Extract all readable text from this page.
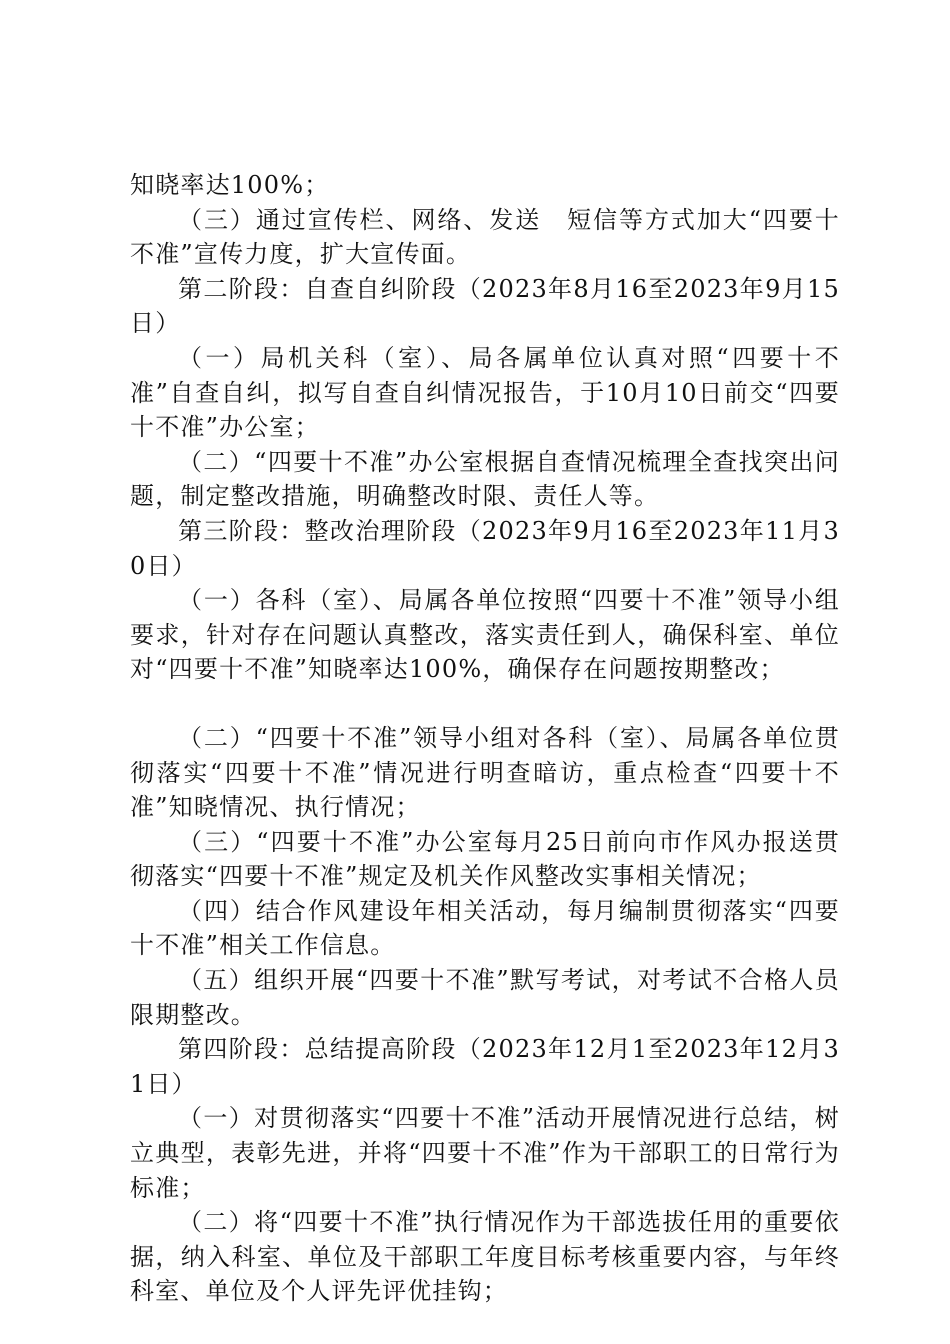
知晓率达100%；

（三）通过宣传栏、网络、发送　短信等方式加大“四要十不准”宣传力度，扩大宣传面。

第二阶段：自查自纠阶段（2023年8月16至2023年9月15日）

（一）局机关科（室）、局各属单位认真对照“四要十不准”自查自纠，拟写自查自纠情况报告，于10月10日前交“四要十不准”办公室；

（二）“四要十不准”办公室根据自查情况梳理全查找突出问题，制定整改措施，明确整改时限、责任人等。

第三阶段：整改治理阶段（2023年9月16至2023年11月30日）

（一）各科（室）、局属各单位按照“四要十不准”领导小组要求，针对存在问题认真整改，落实责任到人，确保科室、单位对“四要十不准”知晓率达100%，确保存在问题按期整改；

（二）“四要十不准”领导小组对各科（室）、局属各单位贯彻落实“四要十不准”情况进行明查暗访，重点检查“四要十不准”知晓情况、执行情况；

（三）“四要十不准”办公室每月25日前向市作风办报送贯彻落实“四要十不准”规定及机关作风整改实事相关情况；

（四）结合作风建设年相关活动，每月编制贯彻落实“四要十不准”相关工作信息。

（五）组织开展“四要十不准”默写考试，对考试不合格人员限期整改。

第四阶段：总结提高阶段（2023年12月1至2023年12月31日）

（一）对贯彻落实“四要十不准”活动开展情况进行总结，树立典型，表彰先进，并将“四要十不准”作为干部职工的日常行为标准；

（二）将“四要十不准”执行情况作为干部选拔任用的重要依据，纳入科室、单位及干部职工年度目标考核重要内容，与年终科室、单位及个人评先评优挂钩；
